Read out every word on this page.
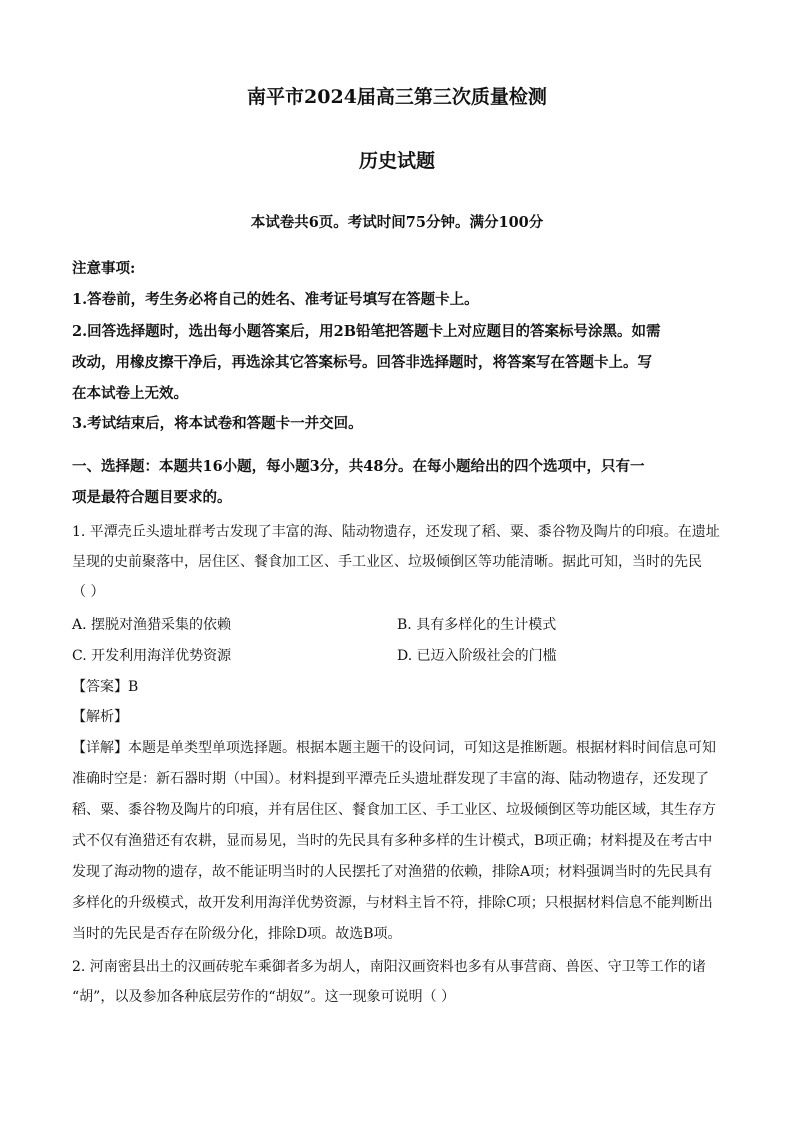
南平市2024届高三第三次质量检测
历史试题
本试卷共6页。考试时间75分钟。满分100分
注意事项:
1.答卷前，考生务必将自己的姓名、准考证号填写在答题卡上。
2.回答选择题时，选出每小题答案后，用2B铅笔把答题卡上对应题目的答案标号涂黑。如需
改动，用橡皮擦干净后，再选涂其它答案标号。回答非选择题时，将答案写在答题卡上。写
在本试卷上无效。
3.考试结束后，将本试卷和答题卡一并交回。
一、选择题：本题共16小题，每小题3分，共48分。在每小题给出的四个选项中，只有一
项是最符合题目要求的。
1. 平潭壳丘头遗址群考古发现了丰富的海、陆动物遗存，还发现了稻、粟、黍谷物及陶片的印痕。在遗址
呈现的史前聚落中，居住区、餐食加工区、手工业区、垃圾倾倒区等功能清晰。据此可知，当时的先民
（ ）
A. 摆脱对渔猎采集的依赖	B. 具有多样化的生计模式
C. 开发利用海洋优势资源	D. 已迈入阶级社会的门槛
【答案】B
【解析】
【详解】本题是单类型单项选择题。根据本题主题干的设问词，可知这是推断题。根据材料时间信息可知
准确时空是：新石器时期（中国）。材料提到平潭壳丘头遗址群发现了丰富的海、陆动物遗存，还发现了
稻、粟、黍谷物及陶片的印痕，并有居住区、餐食加工区、手工业区、垃圾倾倒区等功能区域，其生存方
式不仅有渔猎还有农耕，显而易见，当时的先民具有多种多样的生计模式，B项正确；材料提及在考古中
发现了海动物的遗存，故不能证明当时的人民摆托了对渔猎的依赖，排除A项；材料强调当时的先民具有
多样化的升级模式，故开发利用海洋优势资源，与材料主旨不符，排除C项；只根据材料信息不能判断出
当时的先民是否存在阶级分化，排除D项。故选B项。
2. 河南密县出土的汉画砖驼车乘御者多为胡人，南阳汉画资料也多有从事营商、兽医、守卫等工作的诸
“胡”，以及参加各种底层劳作的“胡奴”。这一现象可说明（ ）
